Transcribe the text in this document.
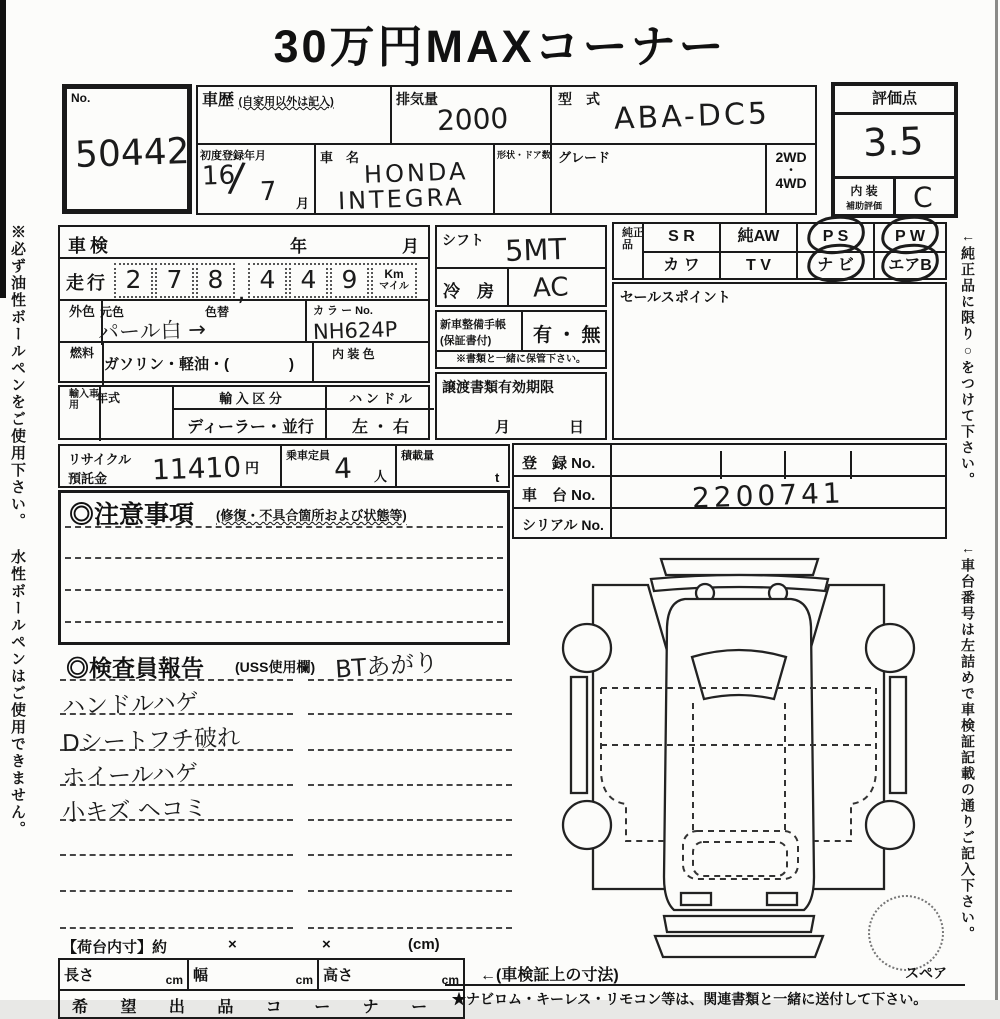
30万円MAXコーナー
※必ず油性ボールペンをご使用下さい。 水性ボールペンはご使用できません。	←純正品に限り○をつけて下さい。
←車台番号は左詰めで車検証記載の通りご記入下さい。
No.
50442
車歴 (自家用以外は記入)	排気量
2000
型　式 ABA-DC5
初度登録年月
16
/ 7 月
車　名 HONDA
INTEGRA
形状・ドア数 グレード	2WD
・
4WD
評価点
3.5
内 装
補助評価	C
車検	年	月
走行 2	7	8 , 4	4	9	Km
マイル
外色 元色	色替
パール白 →
カ ラ ー No.
NH624P
燃料
ガソリン・軽油・(　　　　)
内 装 色
輸入車用
年式	輸 入 区 分
ディーラー・並行
ハ ン ド ル
左 ・ 右
リサイクル
預託金	11410 円
乗車定員 4 人
積載量
t
シフト 5MT
冷　房 AC
新車整備手帳
(保証書付)	有 ・ 無
※書類と一緒に保管下さい。
譲渡書類有効期限
月	日
純正品	S R	純AW	P S	P W
カ ワ	T V	ナ ビ	エアB
セールスポイント
登　録 No.
車　台 No.	2200741
シリアル No.
◎注意事項 (修復・不具合箇所および状態等)
◎検査員報告 (USS使用欄) BTあがり
ハンドルハゲ
Dシートフチ破れ
ホイールハゲ
小キズ ヘコミ
【荷台内寸】約	×	×	(cm)
長さ	cm 幅	cm 高さ	cm ←(車検証上の寸法)
希 望 出 品 コ ー ナ ー ★ナビロム・キーレス・リモコン等は、関連書類と一緒に送付して下さい。
スペア
